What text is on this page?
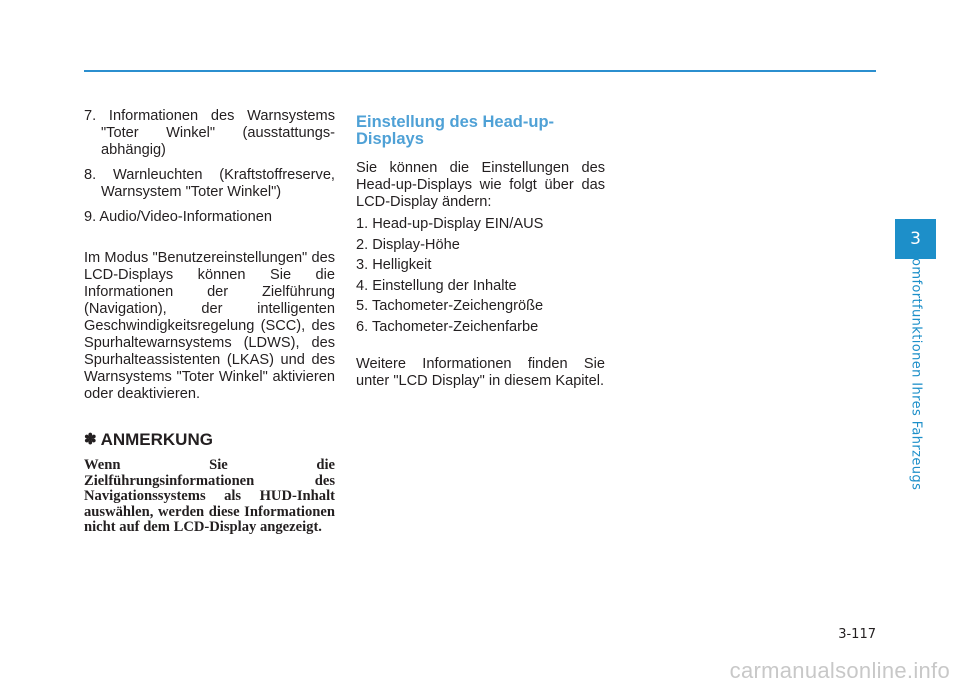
7. Informationen des Warnsystems "Toter Winkel" (ausstattungs-abhängig)

8. Warnleuchten (Kraftstoffreserve, Warnsystem "Toter Winkel")

9. Audio/Video-Informationen

Im Modus "Benutzereinstellungen" des LCD-Displays können Sie die Informationen der Zielführung (Navigation), der intelligenten Geschwindigkeitsregelung (SCC), des Spurhaltewarnsystems (LDWS), des Spurhalteassistenten (LKAS) und des Warnsystems "Toter Winkel" aktivieren oder deaktivieren.

✽ ANMERKUNG

Wenn Sie die Zielführungsinformationen des Navigationssystems als HUD-Inhalt auswählen, werden diese Informationen nicht auf dem LCD-Display angezeigt.

Einstellung des Head-up-Displays

Sie können die Einstellungen des Head-up-Displays wie folgt über das LCD-Display ändern:

1. Head-up-Display EIN/AUS

2. Display-Höhe

3. Helligkeit

4. Einstellung der Inhalte

5. Tachometer-Zeichengröße

6. Tachometer-Zeichenfarbe

Weitere Informationen finden Sie unter "LCD Display" in diesem Kapitel.

3
Komfortfunktionen Ihres Fahrzeugs
3-117
carmanualsonline.info
